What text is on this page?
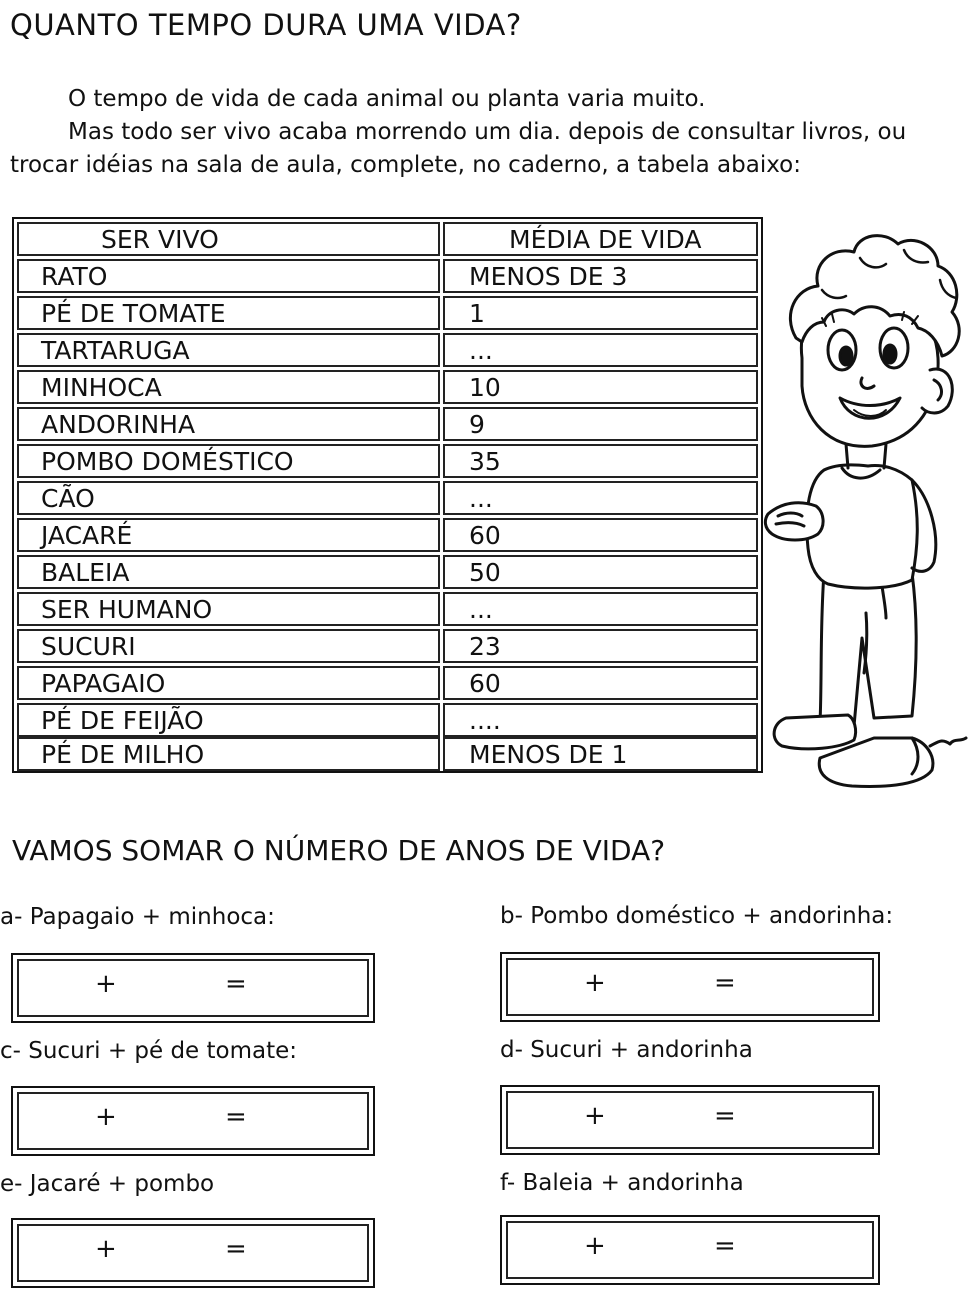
QUANTO TEMPO DURA UMA VIDA?
O tempo de vida de cada animal ou planta varia muito.
Mas todo ser vivo acaba morrendo um dia. depois de consultar livros, ou
trocar idéias na sala de aula, complete, no caderno, a tabela abaixo:
SER VIVO	MÉDIA DE VIDA
RATO	MENOS DE 3
PÉ DE TOMATE	1
TARTARUGA	...
MINHOCA	10
ANDORINHA	9
POMBO DOMÉSTICO	35
CÃO	...
JACARÉ	60
BALEIA	50
SER HUMANO	...
SUCURI	23
PAPAGAIO	60
PÉ DE FEIJÃO	....
PÉ DE MILHO	MENOS DE 1
VAMOS SOMAR O NÚMERO DE ANOS DE VIDA?
a- Papagaio + minhoca:	b- Pombo doméstico + andorinha:
+	=	+	=
c- Sucuri + pé de tomate:	d- Sucuri + andorinha
+	=	+	=
e- Jacaré + pombo	f- Baleia + andorinha
+	=	+	=
